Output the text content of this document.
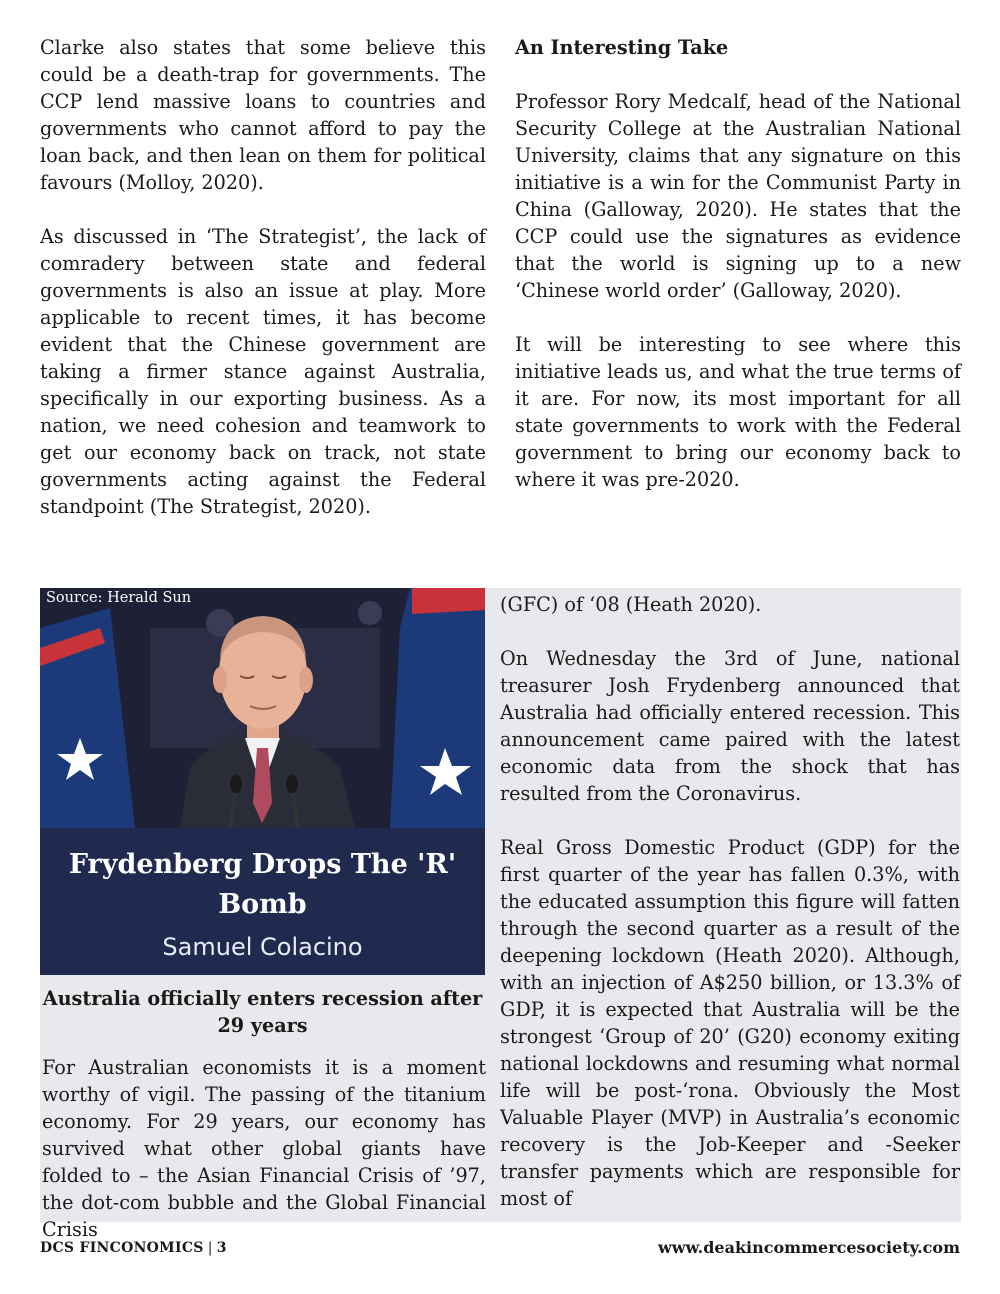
Clarke also states that some believe this could be a death-trap for governments. The CCP lend massive loans to countries and governments who cannot afford to pay the loan back, and then lean on them for political favours (Molloy, 2020).

As discussed in ‘The Strategist’, the lack of comradery between state and federal governments is also an issue at play. More applicable to recent times, it has become evident that the Chinese government are taking a firmer stance against Australia, specifically in our exporting business. As a nation, we need cohesion and teamwork to get our economy back on track, not state governments acting against the Federal standpoint (The Strategist, 2020).

An Interesting Take

Professor Rory Medcalf, head of the National Security College at the Australian National University, claims that any signature on this initiative is a win for the Communist Party in China (Galloway, 2020). He states that the CCP could use the signatures as evidence that the world is signing up to a new ‘Chinese world order’ (Galloway, 2020).

It will be interesting to see where this initiative leads us, and what the true terms of it are. For now, its most important for all state governments to work with the Federal government to bring our economy back to where it was pre-2020.

Source: Herald Sun
Frydenberg Drops The 'R' Bomb
Samuel Colacino
Australia officially enters recession after 29 years

For Australian economists it is a moment worthy of vigil. The passing of the titanium economy. For 29 years, our economy has survived what other global giants have folded to – the Asian Financial Crisis of ’97, the dot-com bubble and the Global Financial Crisis

(GFC) of ‘08 (Heath 2020).

On Wednesday the 3rd of June, national treasurer Josh Frydenberg announced that Australia had officially entered recession. This announcement came paired with the latest economic data from the shock that has resulted from the Coronavirus.

Real Gross Domestic Product (GDP) for the first quarter of the year has fallen 0.3%, with the educated assumption this figure will fatten through the second quarter as a result of the deepening lockdown (Heath 2020). Although, with an injection of A$250 billion, or 13.3% of GDP, it is expected that Australia will be the strongest ‘Group of 20’ (G20) economy exiting national lockdowns and resuming what normal life will be post-‘rona. Obviously the Most Valuable Player (MVP) in Australia’s economic recovery is the Job-Keeper and -Seeker transfer payments which are responsible for most of

DCS FINCONOMICS | 3	www.deakincommercesociety.com
